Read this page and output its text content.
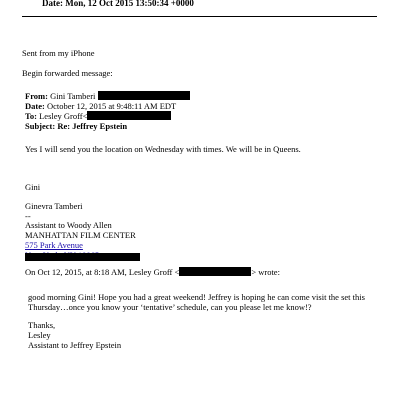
Date: Mon, 12 Oct 2015 13:50:34 +0000
Sent from my iPhone
Begin forwarded message:
From: Gini Tamberi
Date: October 12, 2015 at 9:48:11 AM EDT
To: Lesley Groff<
Subject: Re: Jeffrey Epstein
Yes I will send you the location on Wednesday with times. We will be in Queens.
Gini
Ginevra Tamberi
--
Assistant to Woody Allen
MANHATTAN FILM CENTER
575 Park Avenue
On Oct 12, 2015, at 8:18 AM, Lesley Groff <	> wrote:
good morning Gini! Hope you had a great weekend! Jeffrey is hoping he can come visit the set this
Thursday…once you know your ‘tentative’ schedule, can you please let me know!?
Thanks,
Lesley
Assistant to Jeffrey Epstein
